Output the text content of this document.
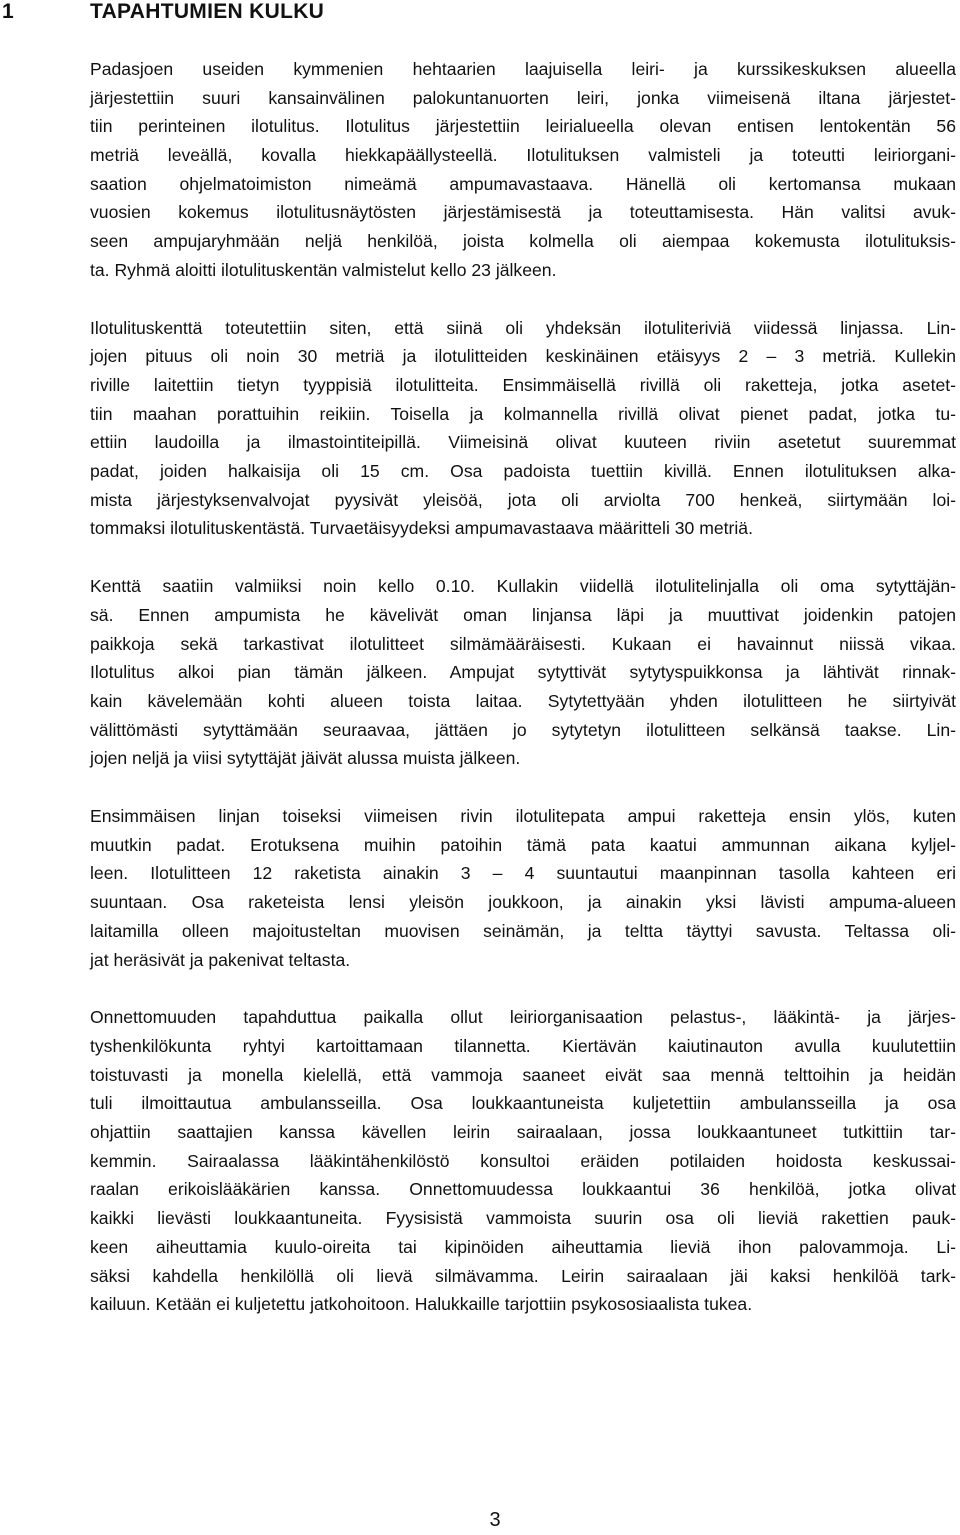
1	TAPAHTUMIEN KULKU
Padasjoen useiden kymmenien hehtaarien laajuisella leiri- ja kurssikeskuksen alueella
järjestettiin suuri kansainvälinen palokuntanuorten leiri, jonka viimeisenä iltana järjestet-
tiin perinteinen ilotulitus. Ilotulitus järjestettiin leirialueella olevan entisen lentokentän 56
metriä leveällä, kovalla hiekkapäällysteellä. Ilotulituksen valmisteli ja toteutti leiriorgani-
saation ohjelmatoimiston nimeämä ampumavastaava. Hänellä oli kertomansa mukaan
vuosien kokemus ilotulitusnäytösten järjestämisestä ja toteuttamisesta. Hän valitsi avuk-
seen ampujaryhmään neljä henkilöä, joista kolmella oli aiempaa kokemusta ilotulituksis-
ta. Ryhmä aloitti ilotulituskentän valmistelut kello 23 jälkeen.
Ilotulituskenttä toteutettiin siten, että siinä oli yhdeksän ilotuliteriviä viidessä linjassa. Lin-
jojen pituus oli noin 30 metriä ja ilotulitteiden keskinäinen etäisyys 2 – 3 metriä. Kullekin
riville laitettiin tietyn tyyppisiä ilotulitteita. Ensimmäisellä rivillä oli raketteja, jotka asetet-
tiin maahan porattuihin reikiin. Toisella ja kolmannella rivillä olivat pienet padat, jotka tu-
ettiin laudoilla ja ilmastointiteipillä. Viimeisinä olivat kuuteen riviin asetetut suuremmat
padat, joiden halkaisija oli 15 cm. Osa padoista tuettiin kivillä. Ennen ilotulituksen alka-
mista järjestyksenvalvojat pyysivät yleisöä, jota oli arviolta 700 henkeä, siirtymään loi-
tommaksi ilotulituskentästä. Turvaetäisyydeksi ampumavastaava määritteli 30 metriä.
Kenttä saatiin valmiiksi noin kello 0.10. Kullakin viidellä ilotulitelinjalla oli oma sytyttäjän-
sä. Ennen ampumista he kävelivät oman linjansa läpi ja muuttivat joidenkin patojen
paikkoja sekä tarkastivat ilotulitteet silmämääräisesti. Kukaan ei havainnut niissä vikaa.
Ilotulitus alkoi pian tämän jälkeen. Ampujat sytyttivät sytytyspuikkonsa ja lähtivät rinnak-
kain kävelemään kohti alueen toista laitaa. Sytytettyään yhden ilotulitteen he siirtyivät
välittömästi sytyttämään seuraavaa, jättäen jo sytytetyn ilotulitteen selkänsä taakse. Lin-
jojen neljä ja viisi sytyttäjät jäivät alussa muista jälkeen.
Ensimmäisen linjan toiseksi viimeisen rivin ilotulitepata ampui raketteja ensin ylös, kuten
muutkin padat. Erotuksena muihin patoihin tämä pata kaatui ammunnan aikana kyljel-
leen. Ilotulitteen 12 raketista ainakin 3 – 4 suuntautui maanpinnan tasolla kahteen eri
suuntaan. Osa raketeista lensi yleisön joukkoon, ja ainakin yksi lävisti ampuma-alueen
laitamilla olleen majoitusteltan muovisen seinämän, ja teltta täyttyi savusta. Teltassa oli-
jat heräsivät ja pakenivat teltasta.
Onnettomuuden tapahduttua paikalla ollut leiriorganisaation pelastus-, lääkintä- ja järjes-
tyshenkilökunta ryhtyi kartoittamaan tilannetta. Kiertävän kaiutinauton avulla kuulutettiin
toistuvasti ja monella kielellä, että vammoja saaneet eivät saa mennä telttoihin ja heidän
tuli ilmoittautua ambulansseilla. Osa loukkaantuneista kuljetettiin ambulansseilla ja osa
ohjattiin saattajien kanssa kävellen leirin sairaalaan, jossa loukkaantuneet tutkittiin tar-
kemmin. Sairaalassa lääkintähenkilöstö konsultoi eräiden potilaiden hoidosta keskussai-
raalan erikoislääkärien kanssa. Onnettomuudessa loukkaantui 36 henkilöä, jotka olivat
kaikki lievästi loukkaantuneita. Fyysisistä vammoista suurin osa oli lieviä rakettien pauk-
keen aiheuttamia kuulo-oireita tai kipinöiden aiheuttamia lieviä ihon palovammoja. Li-
säksi kahdella henkilöllä oli lievä silmävamma. Leirin sairaalaan jäi kaksi henkilöä tark-
kailuun. Ketään ei kuljetettu jatkohoitoon. Halukkaille tarjottiin psykososiaalista tukea.
3
